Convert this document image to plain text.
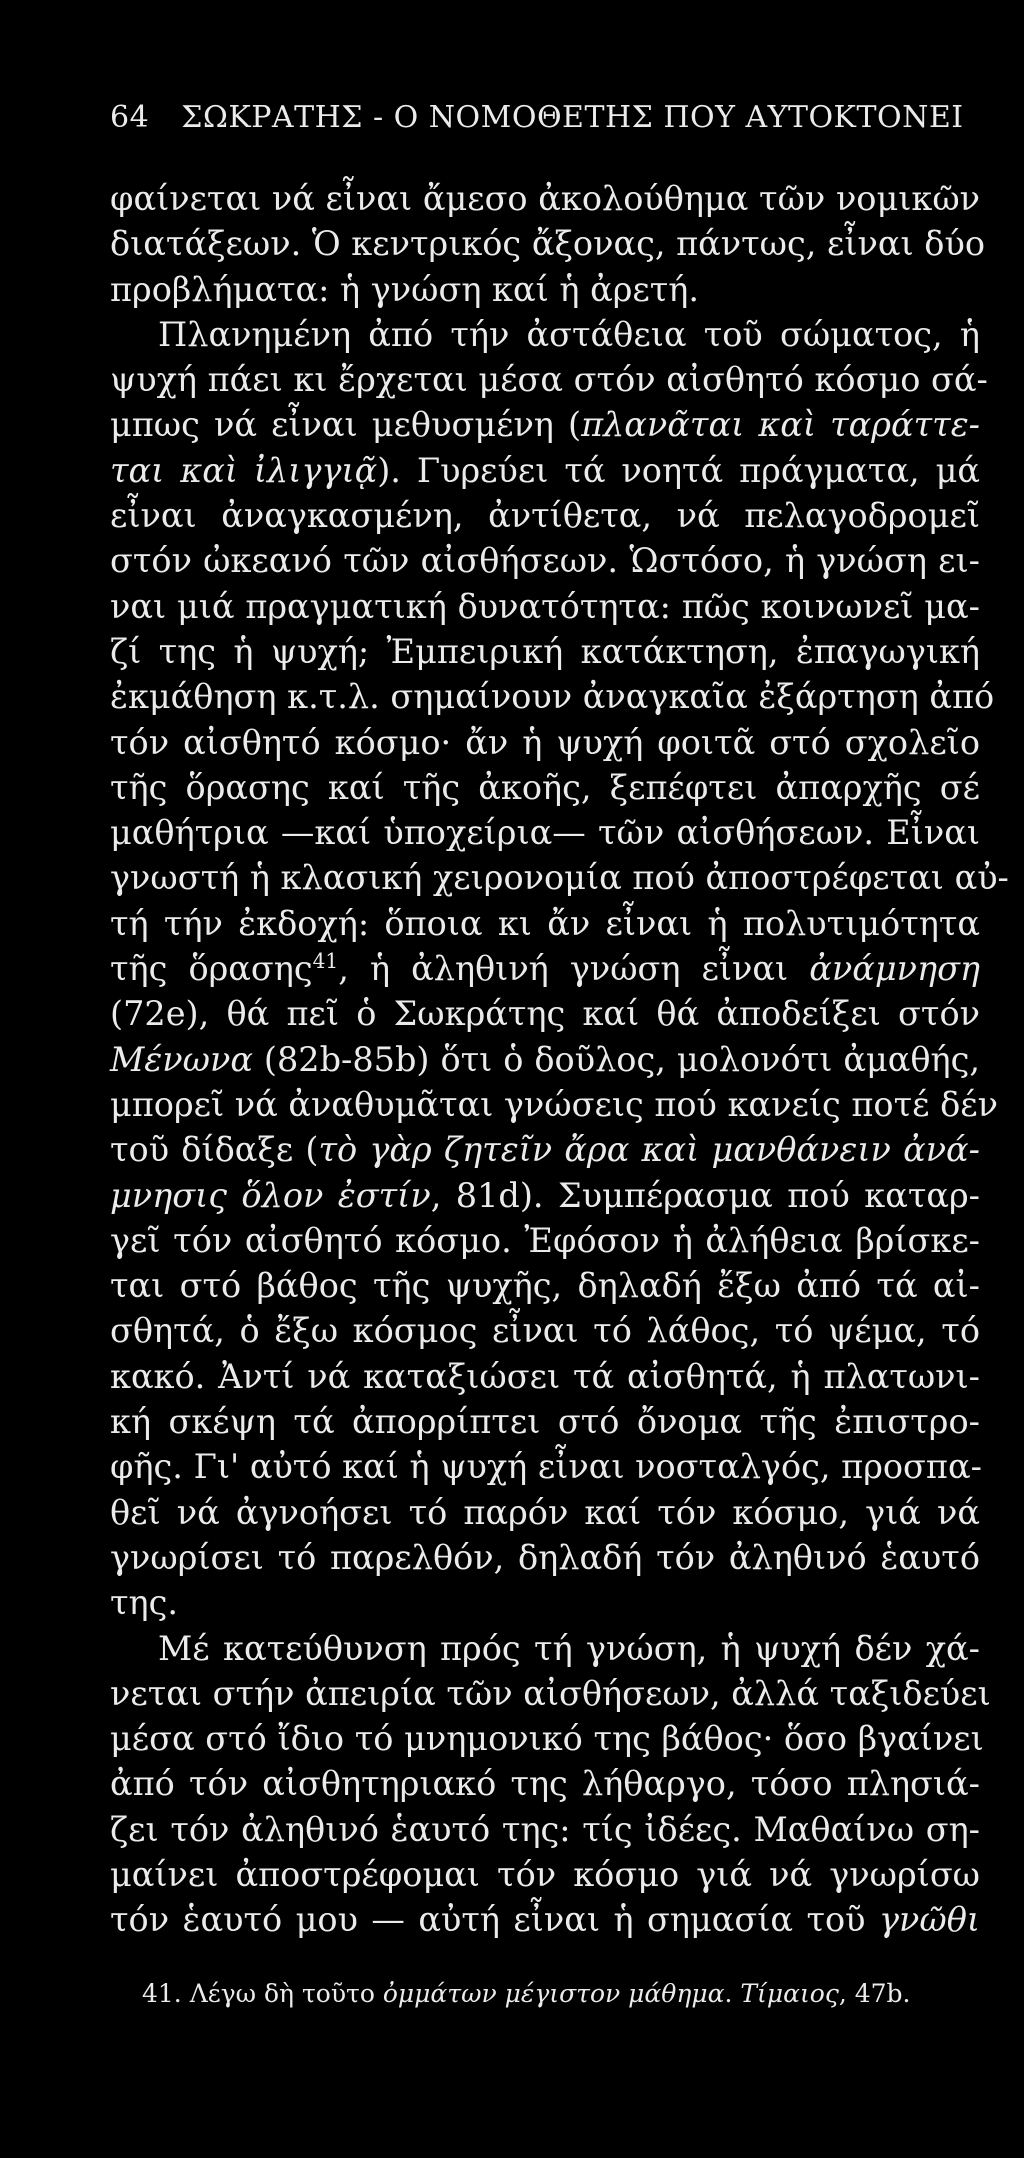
64 ΣΩΚΡΑΤΗΣ - Ο ΝΟΜΟΘΕΤΗΣ ΠΟΥ ΑΥΤΟΚΤΟΝΕΙ
φαίνεται νά εἶναι ἄμεσο ἀκολούθημα τῶν νομικῶν
διατάξεων. Ὁ κεντρικός ἄξονας, πάντως, εἶναι δύο
προβλήματα: ἡ γνώση καί ἡ ἀρετή.
Πλανημένη ἀπό τήν ἀστάθεια τοῦ σώματος, ἡ
ψυχή πάει κι ἔρχεται μέσα στόν αἰσθητό κόσμο σά-
μπως νά εἶναι μεθυσμένη (πλανᾶται καὶ ταράττε-
ται καὶ ἰλιγγιᾷ). Γυρεύει τά νοητά πράγματα, μά
εἶναι ἀναγκασμένη, ἀντίθετα, νά πελαγοδρομεῖ
στόν ὠκεανό τῶν αἰσθήσεων. Ὡστόσο, ἡ γνώση ει-
ναι μιά πραγματική δυνατότητα: πῶς κοινωνεῖ μα-
ζί της ἡ ψυχή; Ἐμπειρική κατάκτηση, ἐπαγωγική
ἐκμάθηση κ.τ.λ. σημαίνουν ἀναγκαῖα ἐξάρτηση ἀπό
τόν αἰσθητό κόσμο· ἄν ἡ ψυχή φοιτᾶ στό σχολεῖο
τῆς ὅρασης καί τῆς ἀκοῆς, ξεπέφτει ἀπαρχῆς σέ
μαθήτρια —καί ὑποχείρια— τῶν αἰσθήσεων. Εἶναι
γνωστή ἡ κλασική χειρονομία πού ἀποστρέφεται αὐ-
τή τήν ἐκδοχή: ὅποια κι ἄν εἶναι ἡ πολυτιμότητα
τῆς ὅρασης$^{41}$, ἡ ἀληθινή γνώση εἶναι ἀνάμνηση
(72e), θά πεῖ ὁ Σωκράτης καί θά ἀποδείξει στόν
Μένωνα (82b-85b) ὅτι ὁ δοῦλος, μολονότι ἀμαθής,
μπορεῖ νά ἀναθυμᾶται γνώσεις πού κανείς ποτέ δέν
τοῦ δίδαξε (τὸ γὰρ ζητεῖν ἄρα καὶ μανθάνειν ἀνά-
μνησις ὅλον ἐστίν, 81d). Συμπέρασμα πού καταρ-
γεῖ τόν αἰσθητό κόσμο. Ἐφόσον ἡ ἀλήθεια βρίσκε-
ται στό βάθος τῆς ψυχῆς, δηλαδή ἔξω ἀπό τά αἰ-
σθητά, ὁ ἔξω κόσμος εἶναι τό λάθος, τό ψέμα, τό
κακό. Ἀντί νά καταξιώσει τά αἰσθητά, ἡ πλατωνι-
κή σκέψη τά ἀπορρίπτει στό ὄνομα τῆς ἐπιστρο-
φῆς. Γι' αὐτό καί ἡ ψυχή εἶναι νοσταλγός, προσπα-
θεῖ νά ἀγνοήσει τό παρόν καί τόν κόσμο, γιά νά
γνωρίσει τό παρελθόν, δηλαδή τόν ἀληθινό ἑαυτό
της.
Μέ κατεύθυνση πρός τή γνώση, ἡ ψυχή δέν χά-
νεται στήν ἀπειρία τῶν αἰσθήσεων, ἀλλά ταξιδεύει
μέσα στό ἴδιο τό μνημονικό της βάθος· ὅσο βγαίνει
ἀπό τόν αἰσθητηριακό της λήθαργο, τόσο πλησιά-
ζει τόν ἀληθινό ἑαυτό της: τίς ἰδέες. Μαθαίνω ση-
μαίνει ἀποστρέφομαι τόν κόσμο γιά νά γνωρίσω
τόν ἑαυτό μου — αὐτή εἶναι ἡ σημασία τοῦ γνῶθι
41. Λέγω δὴ τοῦτο ὀμμάτων μέγιστον μάθημα. Τίμαιος, 47b.
